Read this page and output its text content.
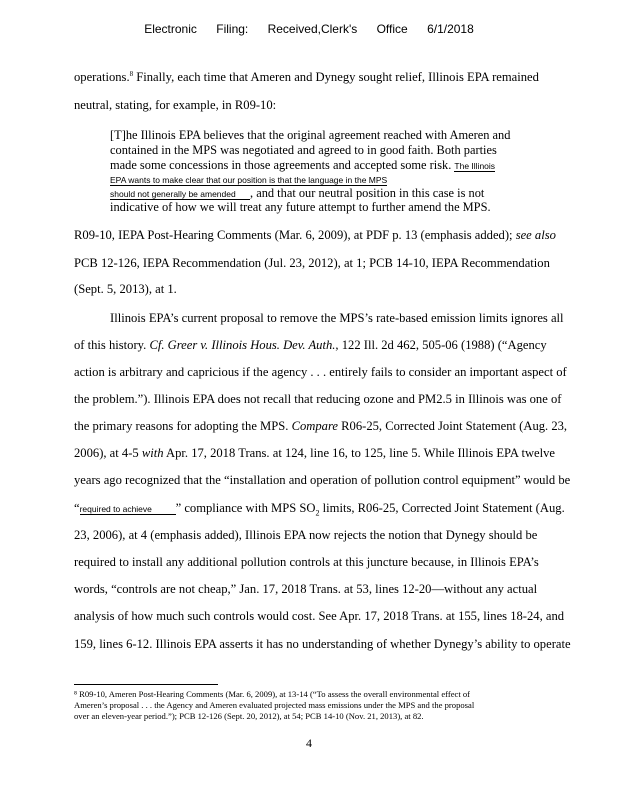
Electronic Filing: Received,Clerk's Office 6/1/2018
operations.$^8$ Finally, each time that Ameren and Dynegy sought relief, Illinois EPA remained
neutral, stating, for example, in R09-10:
[T]he Illinois EPA believes that the original agreement reached with Ameren and
contained in the MPS was negotiated and agreed to in good faith. Both parties
made some concessions in those agreements and accepted some risk. The Illinois
EPA wants to make clear that our position is that the language in the MPS
should not generally be amended , and that our neutral position in this case is not
indicative of how we will treat any future attempt to further amend the MPS.
R09-10, IEPA Post-Hearing Comments (Mar. 6, 2009), at PDF p. 13 (emphasis added); see also
PCB 12-126, IEPA Recommendation (Jul. 23, 2012), at 1; PCB 14-10, IEPA Recommendation
(Sept. 5, 2013), at 1.
Illinois EPA’s current proposal to remove the MPS’s rate-based emission limits ignores all
of this history. Cf. Greer v. Illinois Hous. Dev. Auth., 122 Ill. 2d 462, 505-06 (1988) (“Agency
action is arbitrary and capricious if the agency . . . entirely fails to consider an important aspect of
the problem.”). Illinois EPA does not recall that reducing ozone and PM2.5 in Illinois was one of
the primary reasons for adopting the MPS. Compare R06-25, Corrected Joint Statement (Aug. 23,
2006), at 4-5 with Apr. 17, 2018 Trans. at 124, line 16, to 125, line 5. While Illinois EPA twelve
years ago recognized that the “installation and operation of pollution control equipment” would be
“required to achieve ” compliance with MPS $SO_2$ limits, R06-25, Corrected Joint Statement (Aug.
23, 2006), at 4 (emphasis added), Illinois EPA now rejects the notion that Dynegy should be
required to install any additional pollution controls at this juncture because, in Illinois EPA’s
words, “controls are not cheap,” Jan. 17, 2018 Trans. at 53, lines 12-20—without any actual
analysis of how much such controls would cost. See Apr. 17, 2018 Trans. at 155, lines 18-24, and
159, lines 6-12. Illinois EPA asserts it has no understanding of whether Dynegy’s ability to operate
⁸ R09-10, Ameren Post-Hearing Comments (Mar. 6, 2009), at 13-14 (“To assess the overall environmental effect of
Ameren’s proposal . . . the Agency and Ameren evaluated projected mass emissions under the MPS and the proposal
over an eleven-year period.”); PCB 12-126 (Sept. 20, 2012), at 54; PCB 14-10 (Nov. 21, 2013), at 82.
4
